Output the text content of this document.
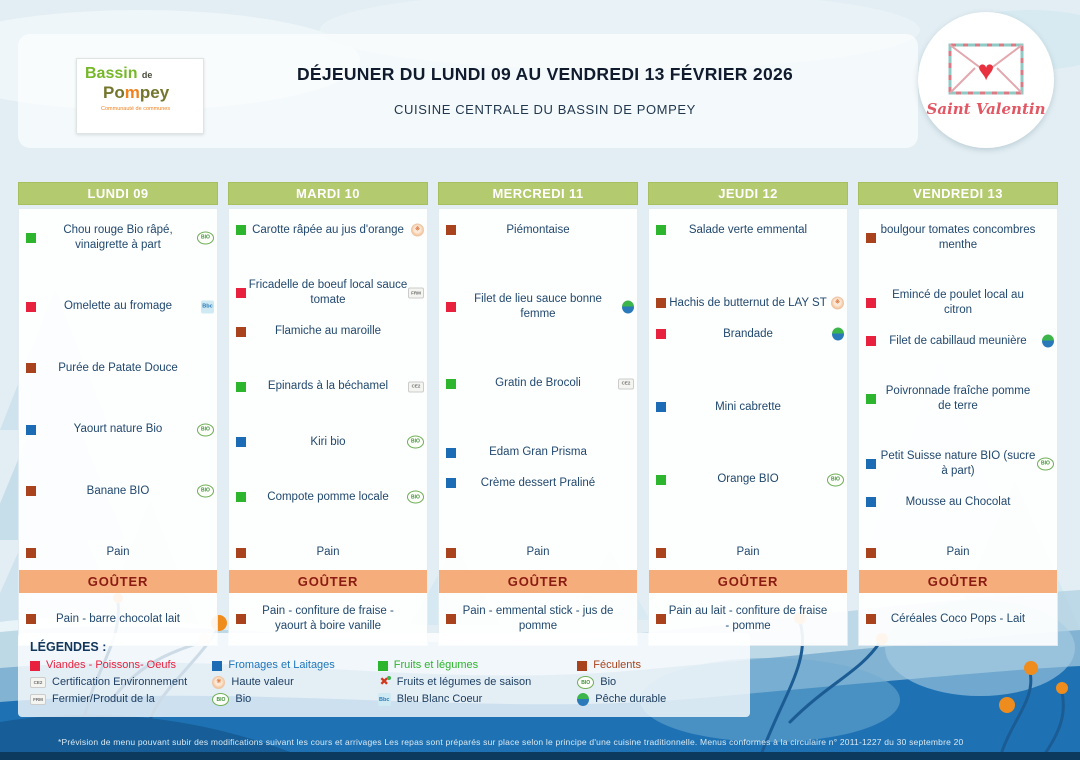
Bassin de
Pompey
Communauté de communes
DÉJEUNER DU LUNDI 09 AU VENDREDI 13 FÉVRIER 2026
CUISINE CENTRALE DU BASSIN DE POMPEY
♥
Saint Valentin
LUNDI 09
Chou rouge Bio râpé, vinaigrette à part
BIO
Omelette au fromage
Bbc
Purée de Patate Douce
Yaourt nature Bio
BIO
Banane BIO
BIO
Pain
GOÛTER
Pain - barre chocolat lait
MARDI 10
Carotte râpée au jus d'orange
❋
Fricadelle de boeuf local sauce tomate
FRM
Flamiche au maroille
Epinards à la béchamel
CE2
Kiri bio
BIO
Compote pomme locale
BIO
Pain
GOÛTER
Pain - confiture de fraise - yaourt à boire vanille
MERCREDI 11
Piémontaise
Filet de lieu sauce bonne femme
Gratin de Brocoli
CE2
Edam Gran Prisma
Crème dessert Praliné
Pain
GOÛTER
Pain - emmental stick - jus de pomme
JEUDI 12
Salade verte emmental
Hachis de butternut de LAY ST
❋
Brandade
Mini cabrette
Orange BIO
BIO
Pain
GOÛTER
Pain au lait - confiture de fraise - pomme
VENDREDI 13
boulgour tomates concombres menthe
Emincé de poulet local au citron
Filet de cabillaud meunière
Poivronnade fraîche pomme de terre
Petit Suisse nature BIO (sucre à part)
BIO
Mousse au Chocolat
Pain
GOÛTER
Céréales Coco Pops - Lait
LÉGENDES :
Viandes - Poissons- Oeufs
CE2
Certification Environnement
FRM
Fermier/Produit de la
Fromages et Laitages
❋
Haute valeur
BIO
Bio
Fruits et légumes
✖
Fruits et légumes de saison
Bbc
Bleu Blanc Coeur
Féculents
BIO
Bio
Pêche durable
*Prévision de menu pouvant subir des modifications suivant les cours et arrivages Les repas sont préparés sur place selon le principe d'une cuisine traditionnelle. Menus conformes à la circulaire n° 2011-1227 du 30 septembre 20
